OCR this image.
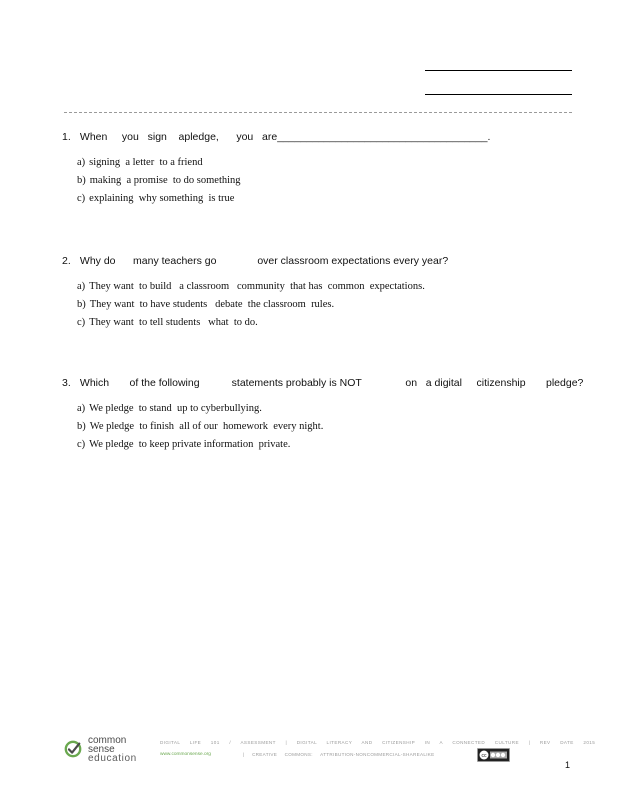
1. When     you   sign    apledge,      you   are____________________________________.
a) signing  a letter  to a friend
b) making  a promise  to do something
c) explaining  why something  is true
2. Why do      many teachers go              over classroom expectations every year?
a) They want  to build   a classroom   community  that has  common  expectations.
b) They want  to have students   debate  the classroom  rules.
c) They want  to tell students   what  to do.
3. Which       of the following           statements probably is NOT               on   a digital     citizenship       pledge?
a) We pledge  to stand  up to cyberbullying.
b) We pledge  to finish  all of our  homework  every night.
c) We pledge  to keep private information  private.
common
sense
education
DIGITAL LIFE 101 / ASSESSMENT | DIGITAL LITERACY AND CITIZENSHIP IN A CONNECTED CULTURE | REV DATE 2015
www.commonsense.org	| CREATIVE COMMONS: ATTRIBUTION-NONCOMMERCIAL-SHAREALIKE	cc
1
